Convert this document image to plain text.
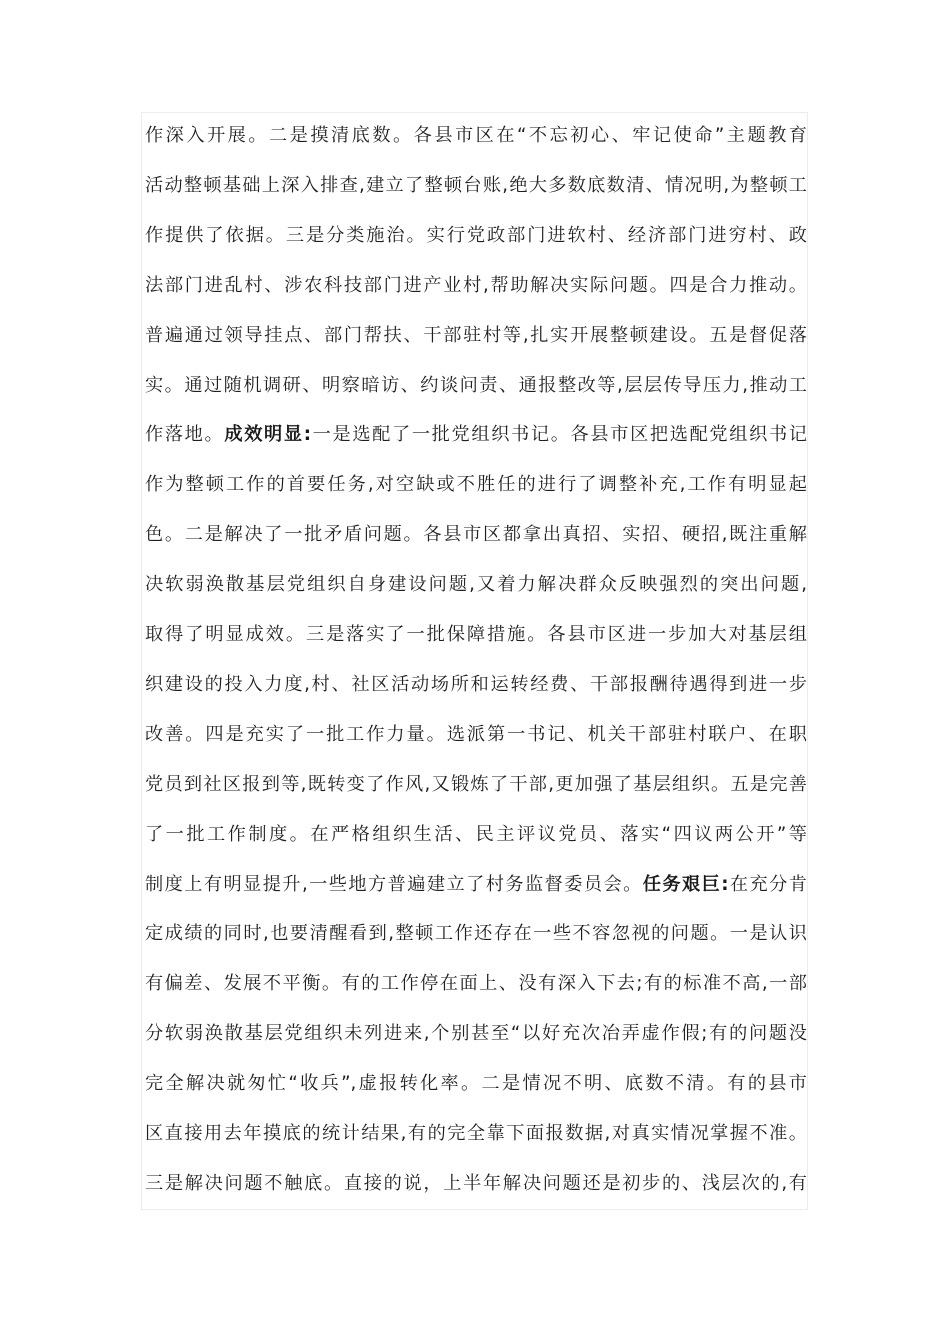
作深入开展。二是摸清底数。各县市区在“不忘初心、牢记使命”主题教育
活动整顿基础上深入排查,建立了整顿台账,绝大多数底数清、情况明,为整顿工
作提供了依据。三是分类施治。实行党政部门进软村、经济部门进穷村、政
法部门进乱村、涉农科技部门进产业村,帮助解决实际问题。四是合力推动。
普遍通过领导挂点、部门帮扶、干部驻村等,扎实开展整顿建设。五是督促落
实。通过随机调研、明察暗访、约谈问责、通报整改等,层层传导压力,推动工
作落地。成效明显:一是选配了一批党组织书记。各县市区把选配党组织书记
作为整顿工作的首要任务,对空缺或不胜任的进行了调整补充,工作有明显起
色。二是解决了一批矛盾问题。各县市区都拿出真招、实招、硬招,既注重解
决软弱涣散基层党组织自身建设问题,又着力解决群众反映强烈的突出问题,
取得了明显成效。三是落实了一批保障措施。各县市区进一步加大对基层组
织建设的投入力度,村、社区活动场所和运转经费、干部报酬待遇得到进一步
改善。四是充实了一批工作力量。选派第一书记、机关干部驻村联户、在职
党员到社区报到等,既转变了作风,又锻炼了干部,更加强了基层组织。五是完善
了一批工作制度。在严格组织生活、民主评议党员、落实“四议两公开”等
制度上有明显提升,一些地方普遍建立了村务监督委员会。任务艰巨:在充分肯
定成绩的同时,也要清醒看到,整顿工作还存在一些不容忽视的问题。一是认识
有偏差、发展不平衡。有的工作停在面上、没有深入下去;有的标准不高,一部
分软弱涣散基层党组织未列进来,个别甚至“以好充次冶弄虚作假;有的问题没
完全解决就匆忙“收兵”,虚报转化率。二是情况不明、底数不清。有的县市
区直接用去年摸底的统计结果,有的完全靠下面报数据,对真实情况掌握不准。
三是解决问题不触底。直接的说，上半年解决问题还是初步的、浅层次的,有
